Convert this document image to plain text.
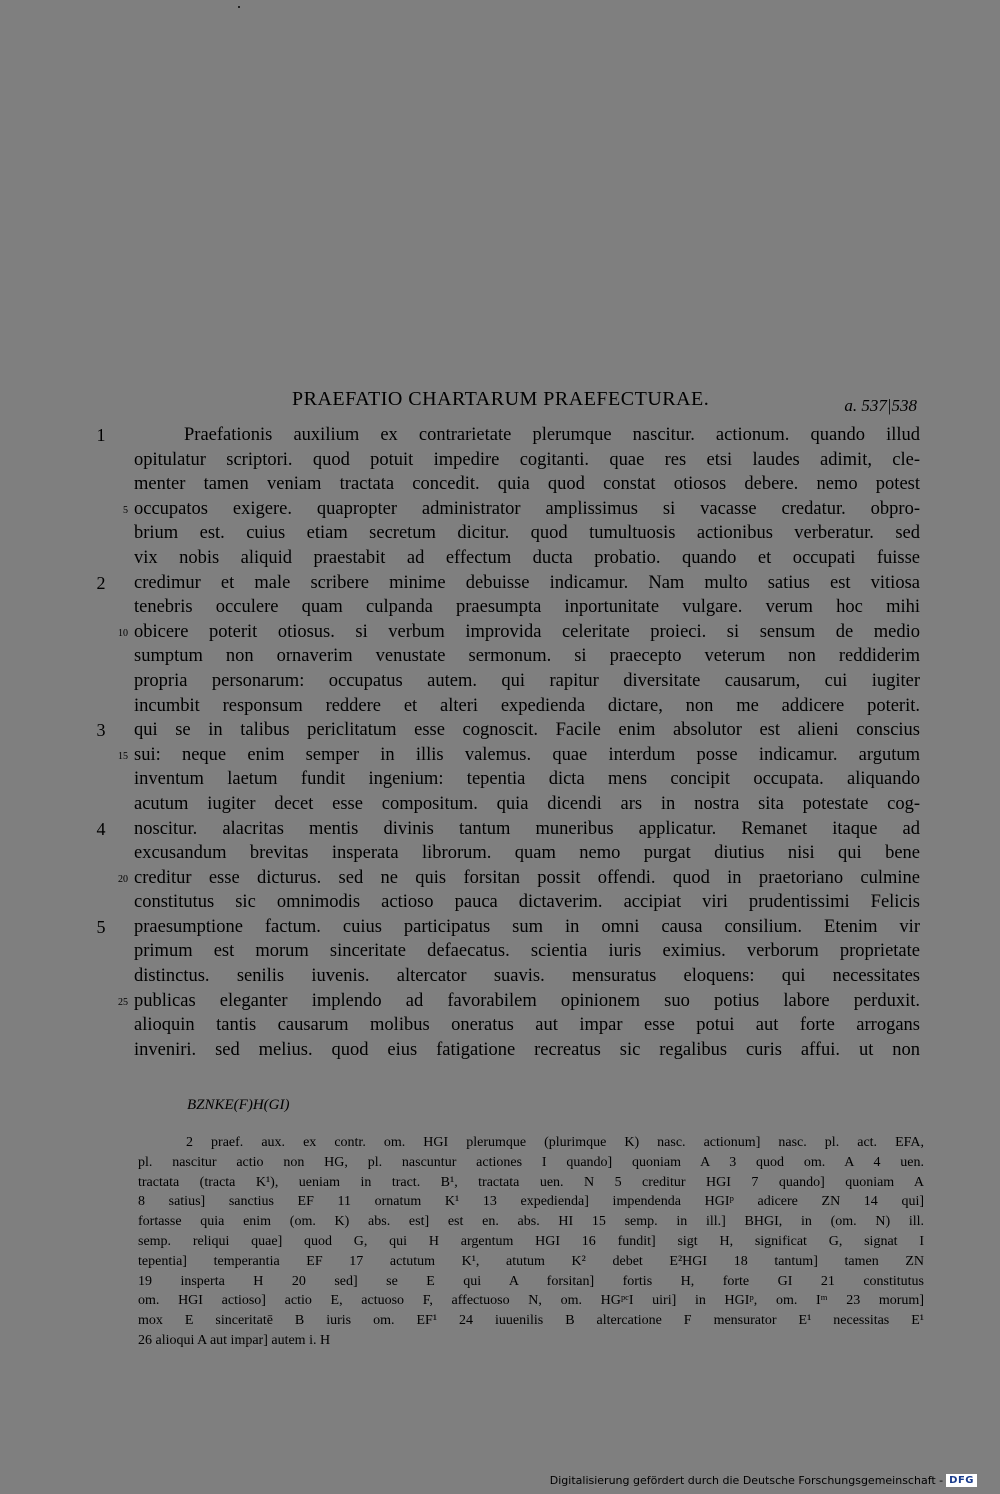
PRAEFATIO CHARTARUM PRAEFECTURAE.	a. 537|538
1	Praefationis auxilium ex contrarietate plerumque nascitur. actionum. quando illud
opitulatur scriptori. quod potuit impedire cogitanti. quae res etsi laudes adimit, cle-
menter tamen veniam tractata concedit. quia quod constat otiosos debere. nemo potest
5 occupatos exigere. quapropter administrator amplissimus si vacasse credatur. obpro-
brium est. cuius etiam secretum dicitur. quod tumultuosis actionibus verberatur. sed
vix nobis aliquid praestabit ad effectum ducta probatio. quando et occupati fuisse
2 credimur et male scribere minime debuisse indicamur. Nam multo satius est vitiosa
tenebris occulere quam culpanda praesumpta inportunitate vulgare. verum hoc mihi
10 obicere poterit otiosus. si verbum improvida celeritate proieci. si sensum de medio
sumptum non ornaverim venustate sermonum. si praecepto veterum non reddiderim
propria personarum: occupatus autem. qui rapitur diversitate causarum, cui iugiter
incumbit responsum reddere et alteri expedienda dictare, non me addicere poterit.
3 qui se in talibus periclitatum esse cognoscit. Facile enim absolutor est alieni conscius
15 sui: neque enim semper in illis valemus. quae interdum posse indicamur. argutum
inventum laetum fundit ingenium: tepentia dicta mens concipit occupata. aliquando
acutum iugiter decet esse compositum. quia dicendi ars in nostra sita potestate cog-
4 noscitur. alacritas mentis divinis tantum muneribus applicatur. Remanet itaque ad
excusandum brevitas insperata librorum. quam nemo purgat diutius nisi qui bene
20 creditur esse dicturus. sed ne quis forsitan possit offendi. quod in praetoriano culmine
constitutus sic omnimodis actioso pauca dictaverim. accipiat viri prudentissimi Felicis
5 praesumptione factum. cuius participatus sum in omni causa consilium. Etenim vir
primum est morum sinceritate defaecatus. scientia iuris eximius. verborum proprietate
distinctus. senilis iuvenis. altercator suavis. mensuratus eloquens: qui necessitates
25 publicas eleganter implendo ad favorabilem opinionem suo potius labore perduxit.
alioquin tantis causarum molibus oneratus aut impar esse potui aut forte arrogans
inveniri. sed melius. quod eius fatigatione recreatus sic regalibus curis affui. ut non
BZNKE(F)H(GI)
2 praef. aux. ex contr. om. HGI plerumque (plurimque K) nasc. actionum] nasc. pl. act. EFA,
pl. nascitur actio non HG, pl. nascuntur actiones I quando] quoniam A 3 quod om. A 4 uen.
tractata (tracta K¹), ueniam in tract. B¹, tractata uen. N 5 creditur HGI 7 quando] quoniam A
8 satius] sanctius EF 11 ornatum K¹ 13 expedienda] impendenda HGIᵖ adicere ZN 14 qui]
fortasse quia enim (om. K) abs. est] est en. abs. HI 15 semp. in ill.] BHGI, in (om. N) ill.
semp. reliqui quae] quod G, qui H argentum HGI 16 fundit] sigt H, significat G, signat I
tepentia] temperantia EF 17 actutum K¹, atutum K² debet E²HGI 18 tantum] tamen ZN
19 insperta H 20 sed] se E qui A forsitan] fortis H, forte GI 21 constitutus
om. HGI actioso] actio E, actuoso F, affectuoso N, om. HGᵖᶜI uiri] in HGIᵖ, om. Iᵐ 23 morum]
mox E sinceritatē B iuris om. EF¹ 24 iuuenilis B altercatione F mensurator E¹ necessitas E¹
26 alioqui A aut impar] autem i. H
Digitalisierung gefördert durch die Deutsche Forschungsgemeinschaft - DFG
